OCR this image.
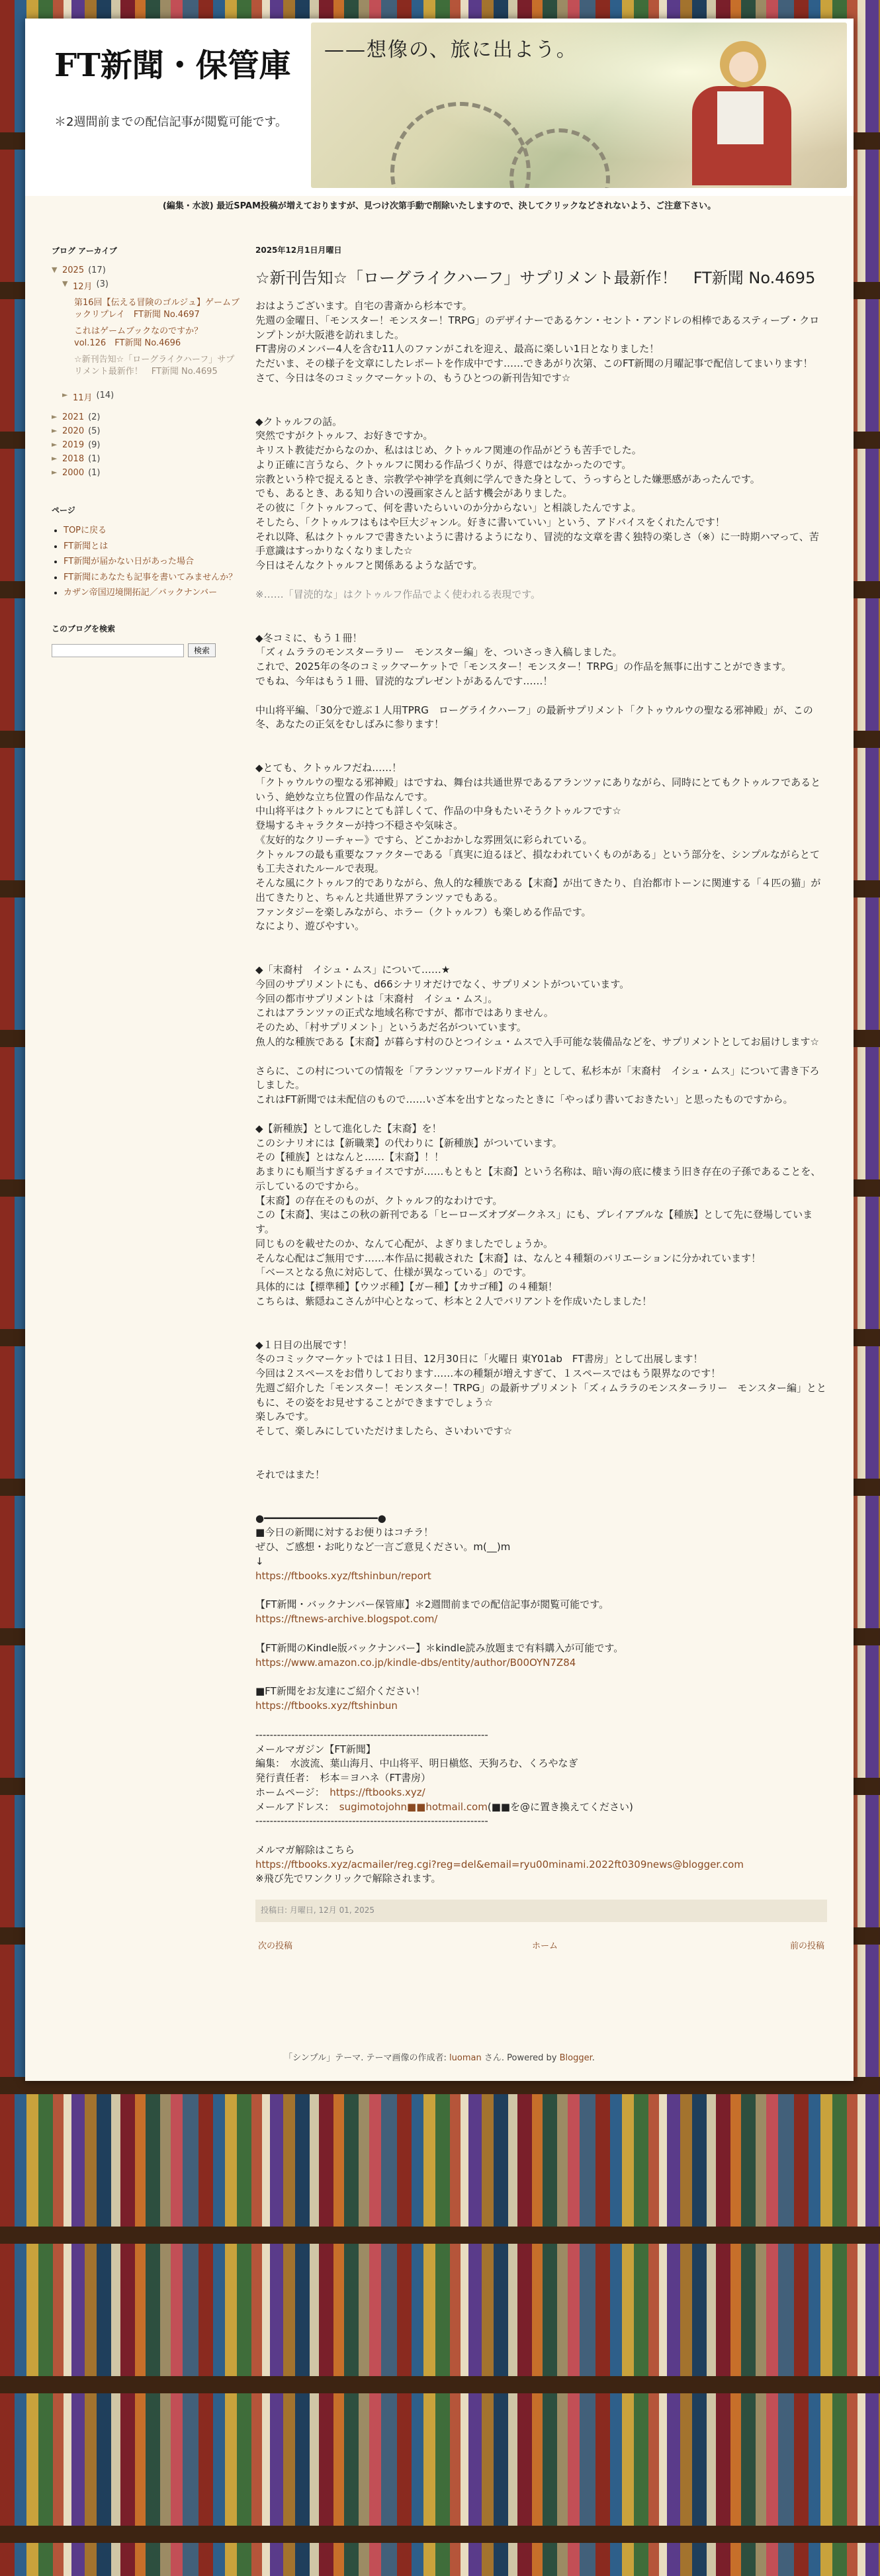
FT新聞・保管庫

＊2週間前までの配信記事が閲覧可能です。

——想像の、旅に出よう。
(編集・水波) 最近SPAM投稿が増えておりますが、見つけ次第手動で削除いたしますので、決してクリックなどされないよう、ご注意下さい。
ブログ アーカイブ
▼ 2025 (17)
▼ 12月 (3)
第16回【伝える冒険のゴルジュ】ゲームブックリプレイ　FT新聞 No.4697
これはゲームブックなのですか？　vol.126　FT新聞 No.4696
☆新刊告知☆「ローグライクハーフ」サプリメント最新作！　FT新聞 No.4695
► 11月 (14)
► 2021 (2)
► 2020 (5)
► 2019 (9)
► 2018 (1)
► 2000 (1)
ページ
• TOPに戻る
• FT新聞とは
• FT新聞が届かない日があった場合
• FT新聞にあなたも記事を書いてみませんか？
• カザン帝国辺境開拓記／バックナンバー
このブログを検索
検索
2025年12月1日月曜日
☆新刊告知☆「ローグライクハーフ」サプリメント最新作！　FT新聞 No.4695

おはようございます。自宅の書斎から杉本です。
先週の金曜日、「モンスター！モンスター！TRPG」のデザイナーであるケン・セント・アンドレの相棒であるスティーブ・クロンプトンが大阪港を訪れました。
FT書房のメンバー4人を含む11人のファンがこれを迎え、最高に楽しい1日となりました！
ただいま、その様子を文章にしたレポートを作成中です……できあがり次第、このFT新聞の月曜記事で配信してまいります！
さて、今日は冬のコミックマーケットの、もうひとつの新刊告知です☆

◆クトゥルフの話。
突然ですがクトゥルフ、お好きですか。
キリスト教徒だからなのか、私ははじめ、クトゥルフ関連の作品がどうも苦手でした。
より正確に言うなら、クトゥルフに関わる作品づくりが、得意ではなかったのです。
宗教という枠で捉えるとき、宗教学や神学を真剣に学んできた身として、うっすらとした嫌悪感があったんです。
でも、あるとき、ある知り合いの漫画家さんと話す機会がありました。
その彼に「クトゥルフって、何を書いたらいいのか分からない」と相談したんですよ。
そしたら、「クトゥルフはもはや巨大ジャンル。好きに書いていい」という、アドバイスをくれたんです！
それ以降、私はクトゥルフで書きたいように書けるようになり、冒涜的な文章を書く独特の楽しさ（※）に一時期ハマって、苦手意識はすっかりなくなりました☆
今日はそんなクトゥルフと関係あるような話です。

※……「冒涜的な」はクトゥルフ作品でよく使われる表現です。

◆冬コミに、もう１冊！
「ズィムララのモンスターラリー　モンスター編」を、ついさっき入稿しました。
これで、2025年の冬のコミックマーケットで「モンスター！モンスター！TRPG」の作品を無事に出すことができます。
でもね、今年はもう１冊、冒涜的なプレゼントがあるんです……！

中山将平編、「30分で遊ぶ１人用TPRG　ローグライクハーフ」の最新サプリメント「クトゥウルウの聖なる邪神殿」が、この冬、あなたの正気をむしばみに参ります！

◆とても、クトゥルフだね……！
「クトゥウルウの聖なる邪神殿」はですね、舞台は共通世界であるアランツァにありながら、同時にとてもクトゥルフであるという、絶妙な立ち位置の作品なんです。
中山将平はクトゥルフにとても詳しくて、作品の中身もたいそうクトゥルフです☆
登場するキャラクターが持つ不穏さや気味さ。
《友好的なクリーチャー》ですら、どこかおかしな雰囲気に彩られている。
クトゥルフの最も重要なファクターである「真実に迫るほど、損なわれていくものがある」という部分を、シンプルながらとても工夫されたルールで表現。
そんな風にクトゥルフ的でありながら、魚人的な種族である【末裔】が出てきたり、自治都市トーンに関連する「４匹の猫」が出てきたりと、ちゃんと共通世界アランツァでもある。
ファンタジーを楽しみながら、ホラー（クトゥルフ）も楽しめる作品です。
なにより、遊びやすい。

◆「末裔村　イシュ・ムス」について……★
今回のサプリメントにも、d66シナリオだけでなく、サプリメントがついています。
今回の都市サプリメントは「末裔村　イシュ・ムス」。
これはアランツァの正式な地域名称ですが、都市ではありません。
そのため、「村サプリメント」というあだ名がついています。
魚人的な種族である【末裔】が暮らす村のひとつイシュ・ムスで入手可能な装備品などを、サプリメントとしてお届けします☆

さらに、この村についての情報を「アランツァワールドガイド」として、私杉本が「末裔村　イシュ・ムス」について書き下ろしました。
これはFT新聞では未配信のもので……いざ本を出すとなったときに「やっぱり書いておきたい」と思ったものですから。

◆【新種族】として進化した【末裔】を！
このシナリオには【新職業】の代わりに【新種族】がついています。
その【種族】とはなんと……【末裔】！！
あまりにも順当すぎるチョイスですが……もともと【末裔】という名称は、暗い海の底に棲まう旧き存在の子孫であることを、示しているのですから。
【末裔】の存在そのものが、クトゥルフ的なわけです。
この【末裔】、実はこの秋の新刊である「ヒーローズオブダークネス」にも、プレイアブルな【種族】として先に登場しています。
同じものを載せたのか、なんて心配が、よぎりましたでしょうか。
そんな心配はご無用です……本作品に掲載された【末裔】は、なんと４種類のバリエーションに分かれています！
「ベースとなる魚に対応して、仕様が異なっている」のです。
具体的には【標準種】【ウツボ種】【ガー種】【カサゴ種】の４種類！
こちらは、紫隠ねこさんが中心となって、杉本と２人でバリアントを作成いたしました！

◆１日目の出展です！
冬のコミックマーケットでは１日目、12月30日に「火曜日 東Y01ab　FT書房」として出展します！
今回は２スペースをお借りしております……本の種類が増えすぎて、１スペースではもう限界なのです！
先週ご紹介した「モンスター！モンスター！TRPG」の最新サプリメント「ズィムララのモンスターラリー　モンスター編」とともに、その姿をお見せすることができますでしょう☆
楽しみです。
そして、楽しみにしていただけましたら、さいわいです☆

それではまた！

●━━━━━━━━━━━━━━━━━━━●
■今日の新聞に対するお便りはコチラ！
ぜひ、ご感想・お叱りなど一言ご意見ください。m(__)m
↓

https://ftbooks.xyz/ftshinbun/report

【FT新聞・バックナンバー保管庫】＊2週間前までの配信記事が閲覧可能です。

https://ftnews-archive.blogspot.com/

【FT新聞のKindle版バックナンバー】＊kindle読み放題まで有料購入が可能です。

https://www.amazon.co.jp/kindle-dbs/entity/author/B00OYN7Z84

■FT新聞をお友達にご紹介ください！

https://ftbooks.xyz/ftshinbun

-----------------------------------------------------------------
メールマガジン【FT新聞】
編集：　水波流、葉山海月、中山将平、明日槇悠、天狗ろむ、くろやなぎ
発行責任者：　杉本＝ヨハネ（FT書房）

ホームページ：　 https://ftbooks.xyz/

メールアドレス：　 sugimotojohn■■hotmail.com(■■を@に置き換えてください)

-----------------------------------------------------------------

メルマガ解除はこちら

https://ftbooks.xyz/acmailer/reg.cgi?reg=del&email=ryu00minami.2022ft0309news@blogger.com

※飛び先でワンクリックで解除されます。

投稿日: 月曜日, 12月 01, 2025
次の投稿	ホーム	前の投稿
「シンプル」テーマ. テーマ画像の作成者: luoman さん. Powered by Blogger.
